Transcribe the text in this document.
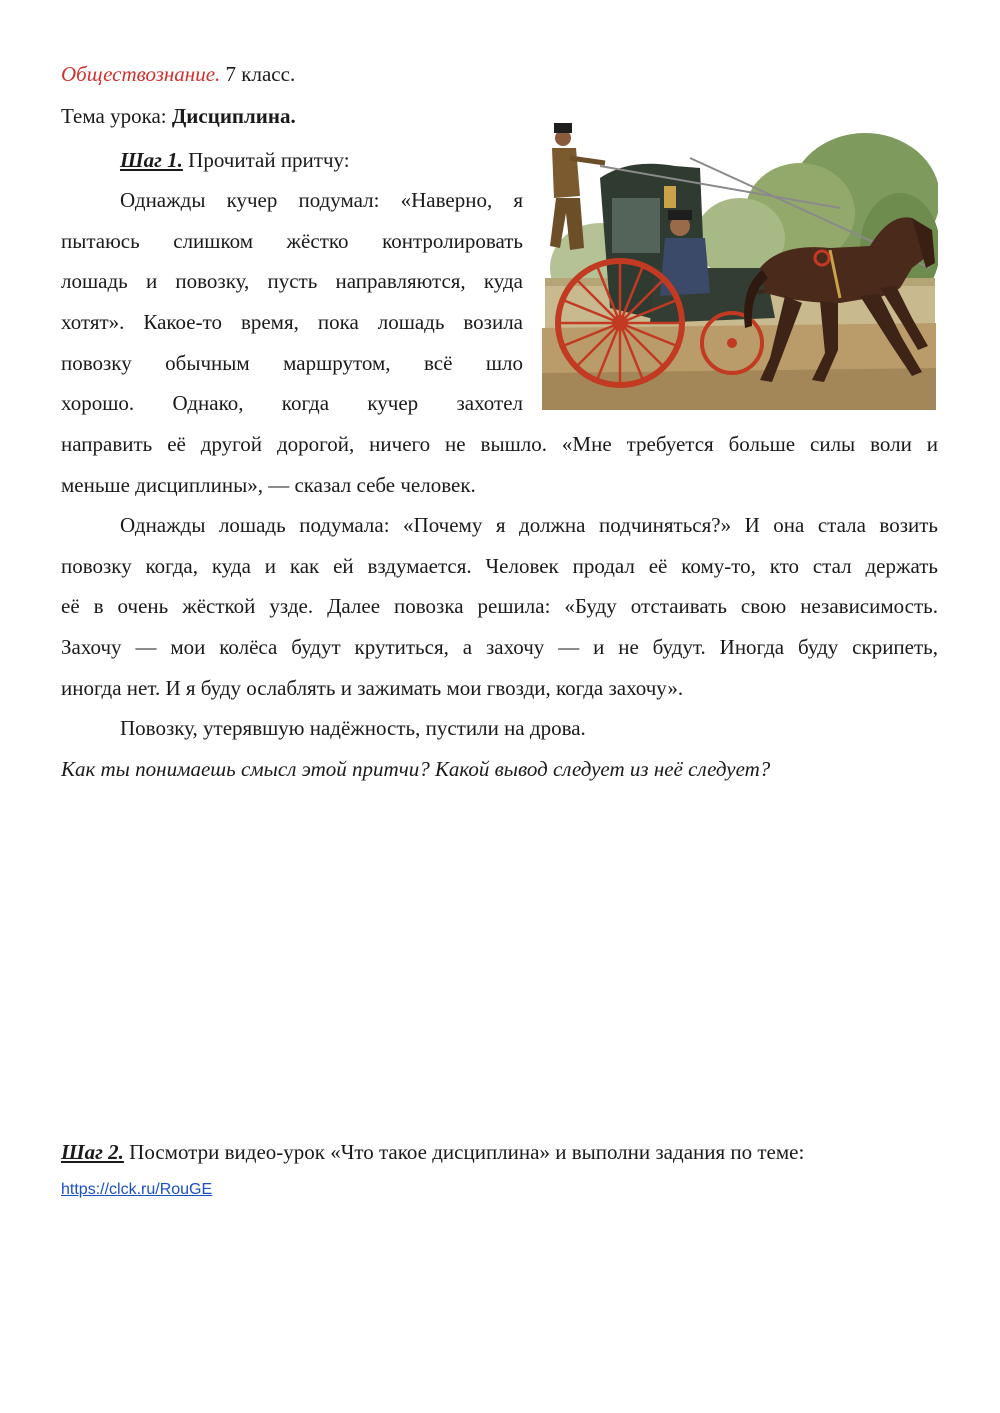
Обществознание. 7 класс.
Тема урока: Дисциплина.
Шаг 1. Прочитай притчу:
Однажды кучер подумал: «Наверно, я
пытаюсь слишком жёстко контролировать
лошадь и повозку, пусть направляются, куда
хотят». Какое-то время, пока лошадь возила
повозку обычным маршрутом, всё шло
хорошо. Однако, когда кучер захотел
направить её другой дорогой, ничего не вышло. «Мне требуется больше силы воли и
меньше дисциплины», — сказал себе человек.
Однажды лошадь подумала: «Почему я должна подчиняться?» И она стала возить
повозку когда, куда и как ей вздумается. Человек продал её кому-то, кто стал держать
её в очень жёсткой узде. Далее повозка решила: «Буду отстаивать свою независимость.
Захочу — мои колёса будут крутиться, а захочу — и не будут. Иногда буду скрипеть,
иногда нет. И я буду ослаблять и зажимать мои гвозди, когда захочу».
Повозку, утерявшую надёжность, пустили на дрова.
Как ты понимаешь смысл этой притчи? Какой вывод следует из неё следует?
Шаг 2. Посмотри видео-урок «Что такое дисциплина» и выполни задания по теме:
https://clck.ru/RouGE
